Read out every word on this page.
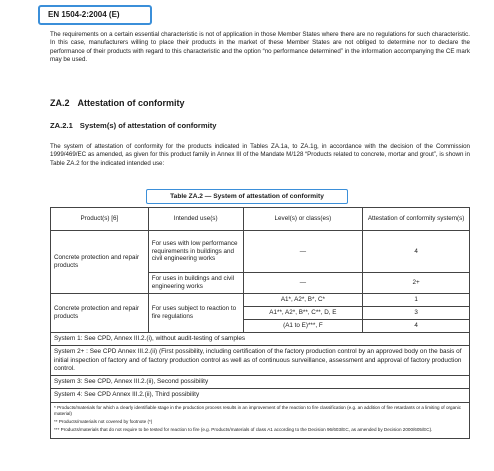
EN 1504-2:2004 (E)

The requirements on a certain essential characteristic is not of application in those Member States where there are no regulations for such characteristic. In this case, manufacturers willing to place their products in the market of these Member States are not obliged to determine nor to declare the performance of their products with regard to this characteristic and the option “no performance determined” in the information accompanying the CE mark may be used.

ZA.2 Attestation of conformity
ZA.2.1 System(s) of attestation of conformity

The system of attestation of conformity for the products indicated in Tables ZA.1a, to ZA.1g, in accordance with the decision of the Commission 1999/469/EC as amended, as given for this product family in Annex III of the Mandate M/128 “Products related to concrete, mortar and grout”, is shown in Table ZA.2 for the indicated intended use:

Table ZA.2 — System of attestation of conformity
Product(s) [6]	Intended use(s)	Level(s) or class(es)	Attestation of conformity system(s)
Concrete protection and repair products	For uses with low performance requirements in buildings and civil engineering works	—	4
	For uses in buildings and civil engineering works	—	2+
Concrete protection and repair products	For uses subject to reaction to fire regulations	A1*, A2*, B*, C*	1
		A1**, A2*, B**, C**, D, E	3
		(A1 to E)***, F	4
System 1: See CPD, Annex III.2.(i), without audit-testing of samples			
System 2+ : See CPD Annex III.2.(ii) (First possibility, including certification of the factory production control by an approved body on the basis of initial inspection of factory and of factory production control as well as of continuous surveillance, assessment and approval of factory production control.			
System 3: See CPD, Annex III.2.(ii), Second possibility			
System 4: See CPD Annex III.2.(ii), Third possibility			

* Products/materials for which a clearly identifiable stage in the production process results in an improvement of the reaction to fire classification (e.g. an addition of fire retardants or a limiting of organic material)
** Products/materials not covered by footnote (*)
*** Products/materials that do not require to be tested for reaction to fire (e.g. Products/materials of class A1 according to the Decision 96/603/EC, as amended by Decision 2000/605/EC).			
